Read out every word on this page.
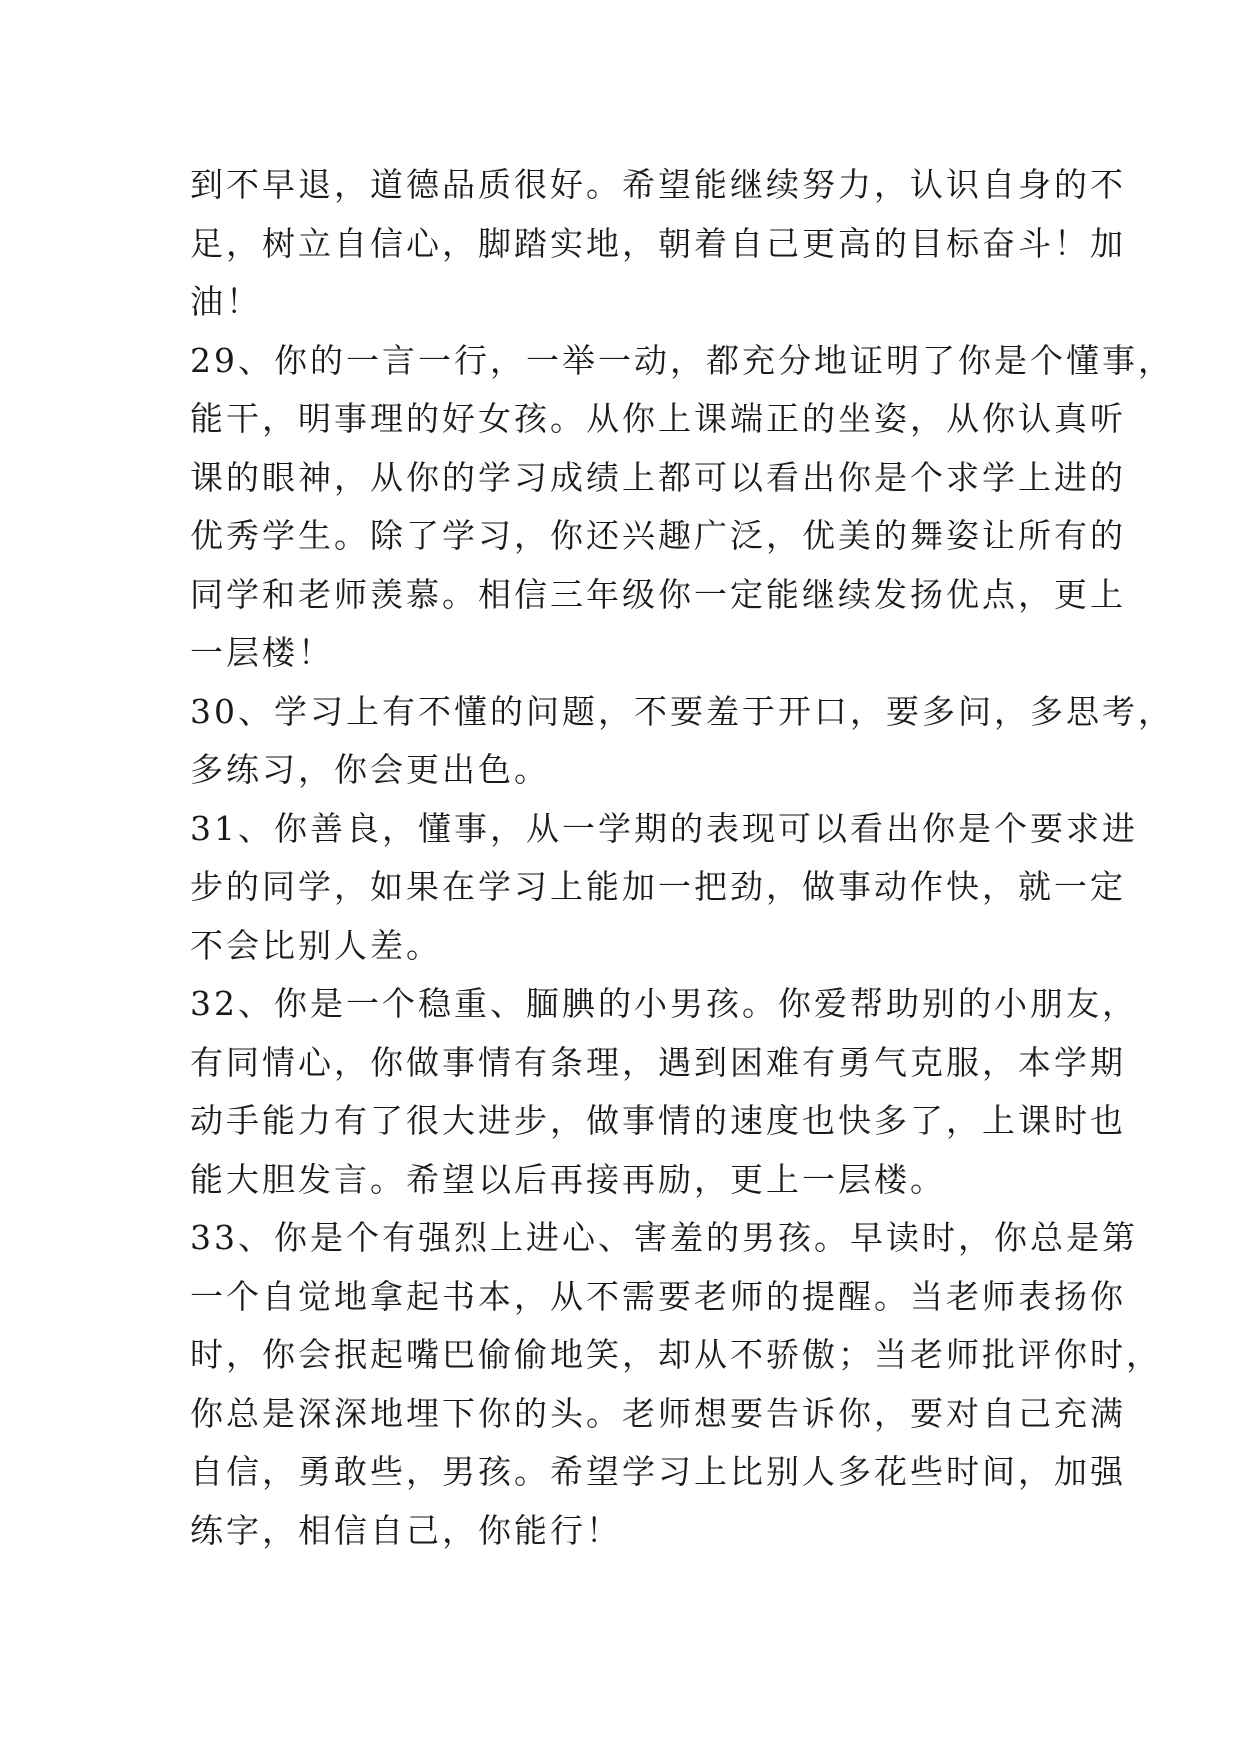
到不早退，道德品质很好。希望能继续努力，认识自身的不
足，树立自信心，脚踏实地，朝着自己更高的目标奋斗！加
油！
29、你的一言一行，一举一动，都充分地证明了你是个懂事，
能干，明事理的好女孩。从你上课端正的坐姿，从你认真听
课的眼神，从你的学习成绩上都可以看出你是个求学上进的
优秀学生。除了学习，你还兴趣广泛，优美的舞姿让所有的
同学和老师羡慕。相信三年级你一定能继续发扬优点，更上
一层楼！
30、学习上有不懂的问题，不要羞于开口，要多问，多思考，
多练习，你会更出色。
31、你善良，懂事，从一学期的表现可以看出你是个要求进
步的同学，如果在学习上能加一把劲，做事动作快，就一定
不会比别人差。
32、你是一个稳重、腼腆的小男孩。你爱帮助别的小朋友，
有同情心，你做事情有条理，遇到困难有勇气克服，本学期
动手能力有了很大进步，做事情的速度也快多了，上课时也
能大胆发言。希望以后再接再励，更上一层楼。
33、你是个有强烈上进心、害羞的男孩。早读时，你总是第
一个自觉地拿起书本，从不需要老师的提醒。当老师表扬你
时，你会抿起嘴巴偷偷地笑，却从不骄傲；当老师批评你时，
你总是深深地埋下你的头。老师想要告诉你，要对自己充满
自信，勇敢些，男孩。希望学习上比别人多花些时间，加强
练字，相信自己，你能行！
